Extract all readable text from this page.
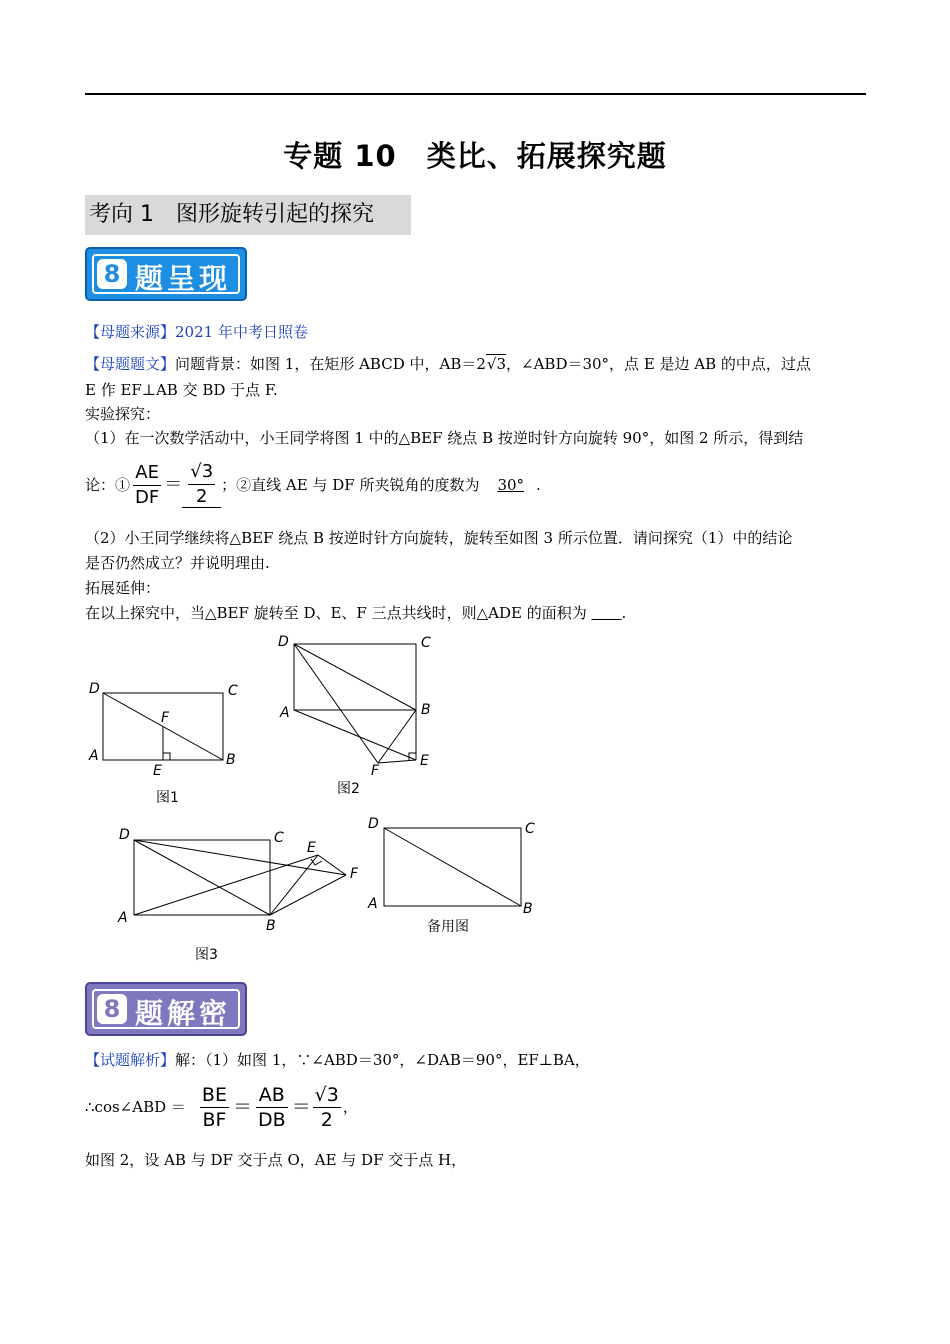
专题 10　类比、拓展探究题
考向 1 图形旋转引起的探究
8 题呈现
【母题来源】2021 年中考日照卷
【母题题文】问题背景：如图 1，在矩形 ABCD 中，AB＝2√3，∠ABD＝30°，点 E 是边 AB 的中点，过点
E 作 EF⊥AB 交 BD 于点 F.
实验探究：
（1）在一次数学活动中，小王同学将图 1 中的△BEF 绕点 B 按逆时针方向旋转 90°，如图 2 所示，得到结
论：① $\frac{AE}{DF} = \frac{√3}{2}$ ；②直线 AE 与 DF 所夹锐角的度数为	30° .
（2）小王同学继续将△BEF 绕点 B 按逆时针方向旋转，旋转至如图 3 所示位置．请问探究（1）中的结论
是否仍然成立？并说明理由.
拓展延伸：
在以上探究中，当△BEF 旋转至 D、E、F 三点共线时，则△ADE 的面积为 　　 .
D	C
A	B
E
F
D	C
A	B
E
F
D	C
A	B
E
F
D	C
A	B
图1
图2
图3
备用图
8 题解密
【试题解析】解：（1）如图 1，∵∠ABD＝30°，∠DAB＝90°，EF⊥BA，
∴cos∠ABD ＝ $\frac{BE}{BF} = \frac{AB}{DB} = \frac{√3}{2}$ ，
如图 2，设 AB 与 DF 交于点 O，AE 与 DF 交于点 H，
